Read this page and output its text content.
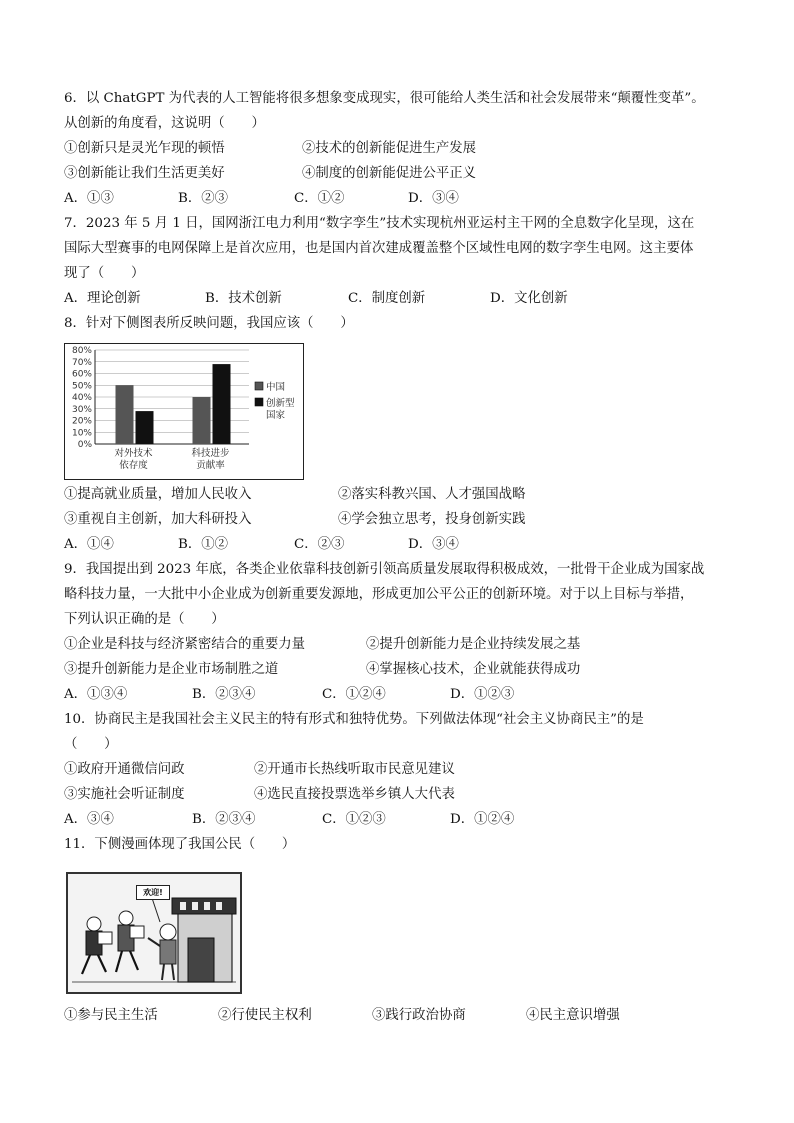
6．以 ChatGPT 为代表的人工智能将很多想象变成现实，很可能给人类生活和社会发展带来“颠覆性变革”。
从创新的角度看，这说明（　　）
①创新只是灵光乍现的顿悟	②技术的创新能促进生产发展
③创新能让我们生活更美好	④制度的创新能促进公平正义
A．①③	B．②③	C．①②	D．③④
7．2023 年 5 月 1 日，国网浙江电力利用“数字孪生”技术实现杭州亚运村主干网的全息数字化呈现，这在
国际大型赛事的电网保障上是首次应用，也是国内首次建成覆盖整个区域性电网的数字孪生电网。这主要体
现了（　　）
A．理论创新	B．技术创新	C．制度创新	D．文化创新
8．针对下侧图表所反映问题，我国应该（　　）
0%
10%
20%
30%
40%
50%
60%
70%
80%
对外技术
依存度
科技进步
贡献率
中国
创新型
国家
①提高就业质量，增加人民收入	②落实科教兴国、人才强国战略
③重视自主创新，加大科研投入	④学会独立思考，投身创新实践
A．①④	B．①②	C．②③	D．③④
9．我国提出到 2023 年底，各类企业依靠科技创新引领高质量发展取得积极成效，一批骨干企业成为国家战
略科技力量，一大批中小企业成为创新重要发源地，形成更加公平公正的创新环境。对于以上目标与举措，
下列认识正确的是（　　）
①企业是科技与经济紧密结合的重要力量	②提升创新能力是企业持续发展之基
③提升创新能力是企业市场制胜之道	④掌握核心技术，企业就能获得成功
A．①③④	B．②③④	C．①②④	D．①②③
10．协商民主是我国社会主义民主的特有形式和独特优势。下列做法体现“社会主义协商民主”的是
（　　）
①政府开通微信问政	②开通市长热线听取市民意见建议
③实施社会听证制度	④选民直接投票选举乡镇人大代表
A．③④	B．②③④	C．①②③	D．①②④
11．下侧漫画体现了我国公民（　　）
欢迎!
①参与民主生活	②行使民主权利	③践行政治协商	④民主意识增强
